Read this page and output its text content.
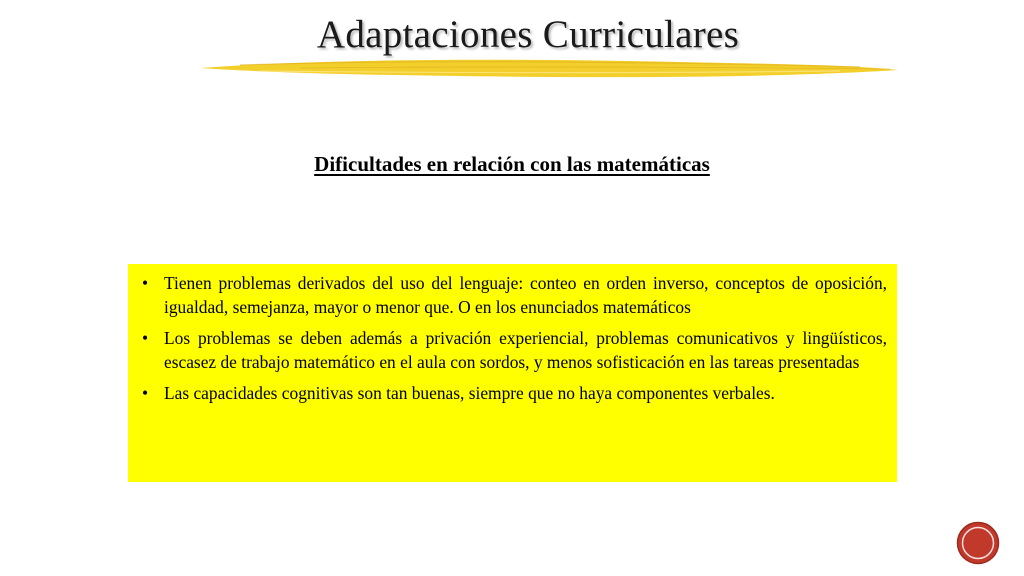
Adaptaciones Curriculares
Dificultades en relación con las matemáticas
• Tienen problemas derivados del uso del lenguaje: conteo en orden inverso, conceptos de oposición, igualdad, semejanza, mayor o menor que. O en los enunciados matemáticos
• Los problemas se deben además a privación experiencial, problemas comunicativos y lingüísticos, escasez de trabajo matemático en el aula con sordos, y menos sofisticación en las tareas presentadas
• Las capacidades cognitivas son tan buenas, siempre que no haya componentes verbales.
